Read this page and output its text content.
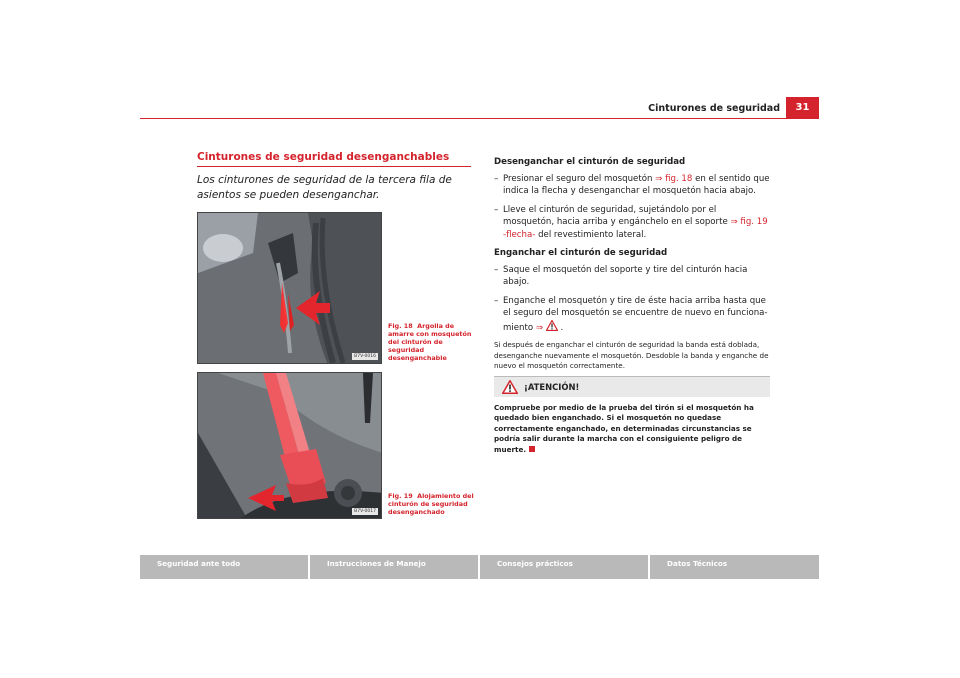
Cinturones de seguridad	31
Cinturones de seguridad desenganchables
Los cinturones de seguridad de la tercera fila de asientos se pueden desenganchar.
B7V-0016
Fig. 18 Argolla de amarre con mosquetón del cinturón de seguridad desenganchable
B7V-0017
Fig. 19 Alojamiento del cinturón de seguridad desenganchado
Desenganchar el cinturón de seguridad
– Presionar el seguro del mosquetón ⇒ fig. 18 en el sentido que indica la flecha y desenganchar el mosquetón hacia abajo.
– Lleve el cinturón de seguridad, sujetándolo por el mosquetón, hacia arriba y engánchelo en el soporte ⇒ fig. 19 -flecha- del revestimiento lateral.
Enganchar el cinturón de seguridad
– Saque el mosquetón del soporte y tire del cinturón hacia abajo.
– Enganche el mosquetón y tire de éste hacia arriba hasta que el seguro del mosquetón se encuentre de nuevo en funciona-miento ⇒  .
Si después de enganchar el cinturón de seguridad la banda está doblada, desenganche nuevamente el mosquetón. Desdoble la banda y enganche de nuevo el mosquetón correctamente.
¡ATENCIÓN!
Compruebe por medio de la prueba del tirón si el mosquetón ha quedado bien enganchado. Si el mosquetón no quedase correctamente enganchado, en determinadas circunstancias se podría salir durante la marcha con el consiguiente peligro de muerte.
Seguridad ante todo	Instrucciones de Manejo	Consejos prácticos	Datos Técnicos
